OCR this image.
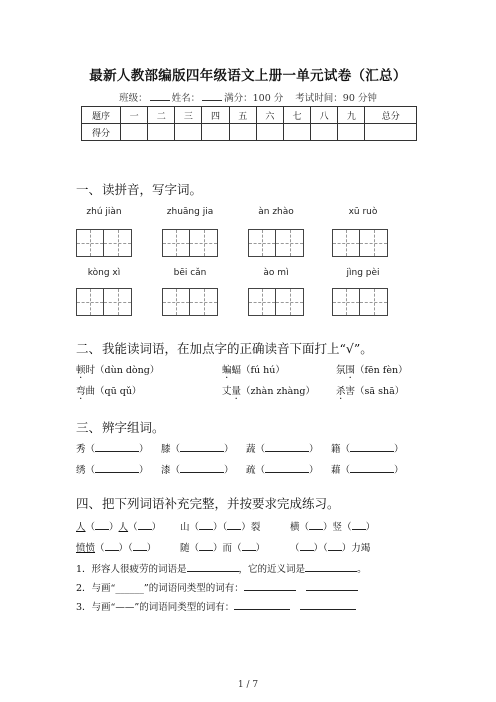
最新人教部编版四年级语文上册一单元试卷（汇总）
班级：	姓名：	满分：100 分 考试时间：90 分钟
题序	一	二	三	四	五	六	七	八	九	总分
得分										
一、读拼音，写字词。
zhú jiàn	zhuāng jia	àn zhào	xū ruò
kòng xì	bēi cǎn	ào mì	jìng pèi
二、我能读词语，在加点字的正确读音下面打上“√”。
顿时（dùn dòng）	蝙蝠（fú hú）	氛围（fēn fèn）
弯曲（qū qǔ）	丈量（zhàn zhàng） 杀害（sā shā）
三、辨字组词。
秀（	） 膝（	） 蔬（	） 籍（	）
绣（	） 漆（	） 疏（	） 藉（	）
四、把下列词语补充完整，并按要求完成练习。
人（ ）人（ ） 山（ ）（ ）裂	横（ ）竖（ ）
愤愤（ ）（ ） 随（ ）而（ ）	（ ）（ ）力竭
1．形容人很疲劳的词语是	，它的近义词是	。
2．与画“______”的词语同类型的词有：
3．与画“——”的词语同类型的词有：
1 / 7
